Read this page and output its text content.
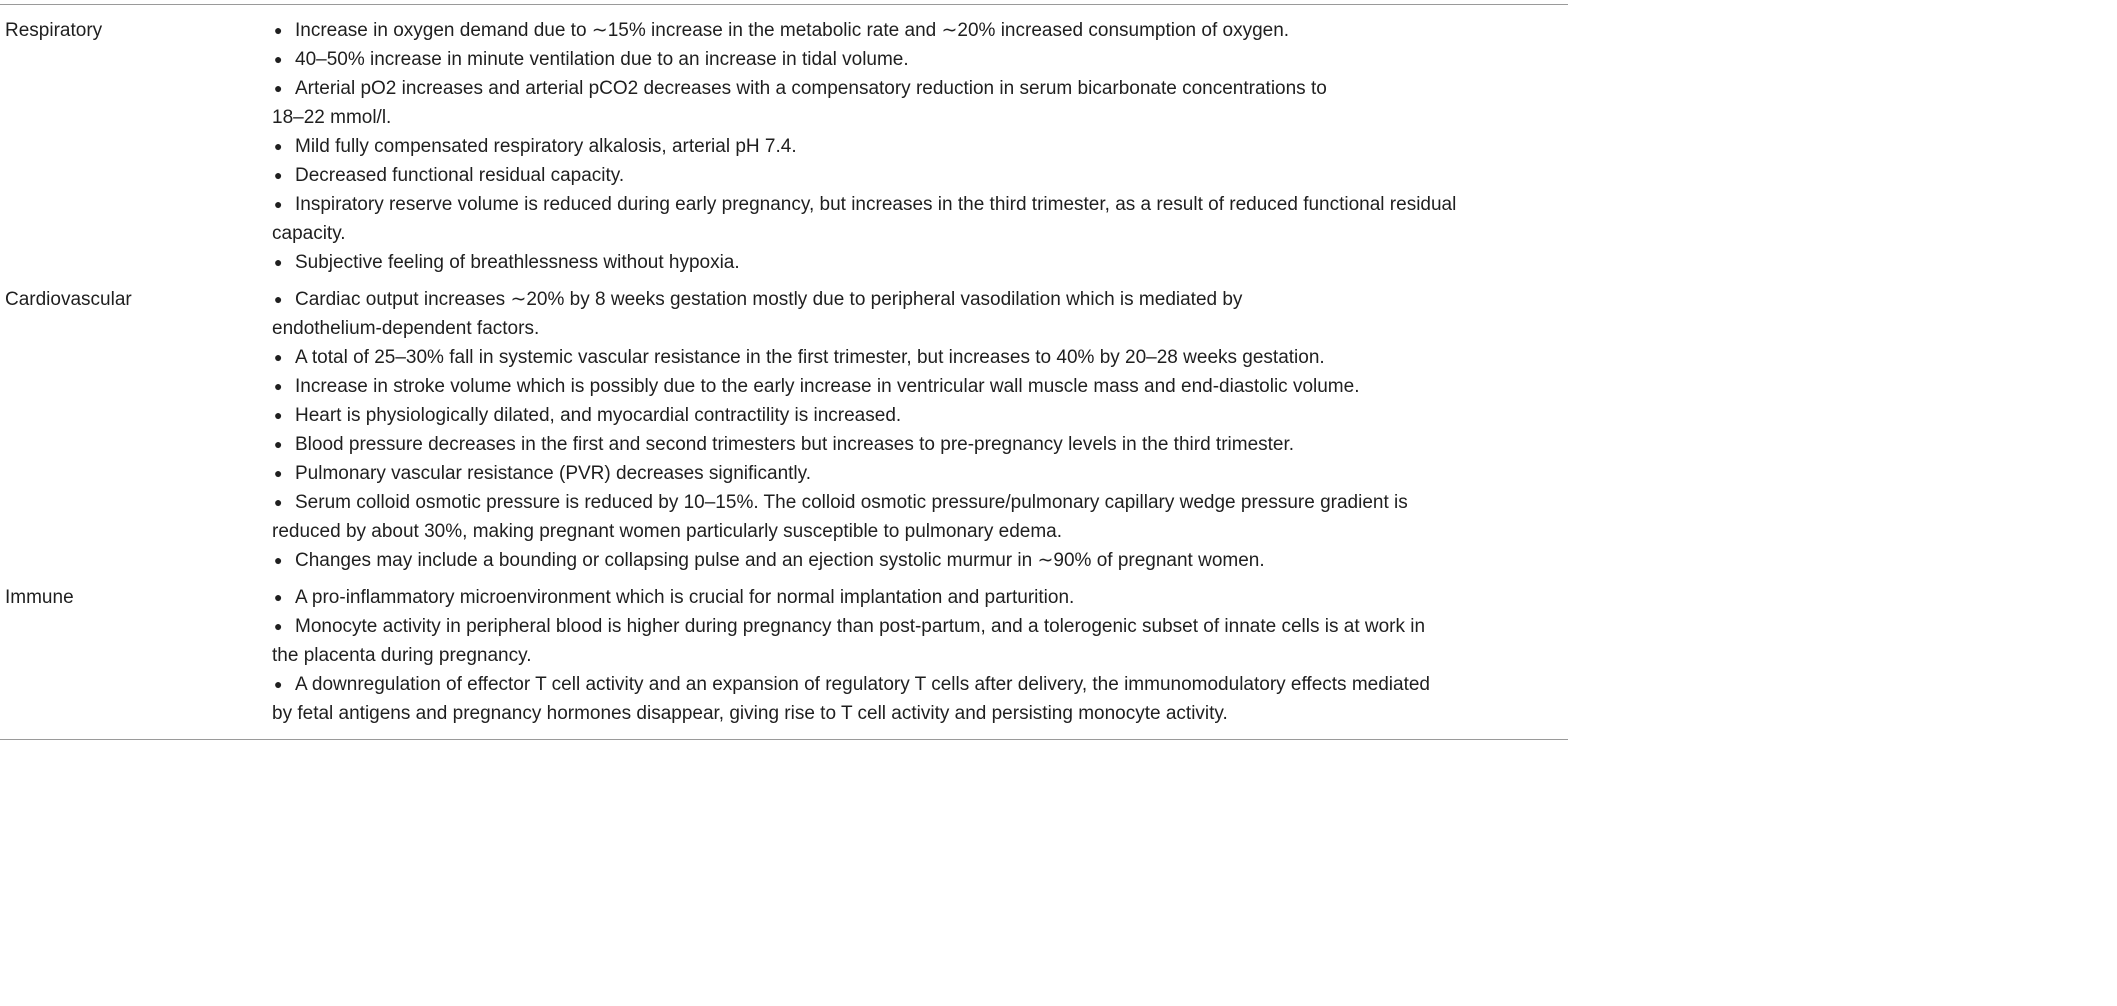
Respiratory	● Increase in oxygen demand due to ∼15% increase in the metabolic rate and ∼20% increased consumption of oxygen.
● 40–50% increase in minute ventilation due to an increase in tidal volume.
● Arterial pO2 increases and arterial pCO2 decreases with a compensatory reduction in serum bicarbonate concentrations to
18–22 mmol/l.
● Mild fully compensated respiratory alkalosis, arterial pH 7.4.
● Decreased functional residual capacity.
● Inspiratory reserve volume is reduced during early pregnancy, but increases in the third trimester, as a result of reduced functional residual
capacity.
● Subjective feeling of breathlessness without hypoxia.
Cardiovascular	● Cardiac output increases ∼20% by 8 weeks gestation mostly due to peripheral vasodilation which is mediated by
endothelium-dependent factors.
● A total of 25–30% fall in systemic vascular resistance in the first trimester, but increases to 40% by 20–28 weeks gestation.
● Increase in stroke volume which is possibly due to the early increase in ventricular wall muscle mass and end-diastolic volume.
● Heart is physiologically dilated, and myocardial contractility is increased.
● Blood pressure decreases in the first and second trimesters but increases to pre-pregnancy levels in the third trimester.
● Pulmonary vascular resistance (PVR) decreases significantly.
● Serum colloid osmotic pressure is reduced by 10–15%. The colloid osmotic pressure/pulmonary capillary wedge pressure gradient is
reduced by about 30%, making pregnant women particularly susceptible to pulmonary edema.
● Changes may include a bounding or collapsing pulse and an ejection systolic murmur in ∼90% of pregnant women.
Immune	● A pro-inflammatory microenvironment which is crucial for normal implantation and parturition.
● Monocyte activity in peripheral blood is higher during pregnancy than post-partum, and a tolerogenic subset of innate cells is at work in
the placenta during pregnancy.
● A downregulation of effector T cell activity and an expansion of regulatory T cells after delivery, the immunomodulatory effects mediated
by fetal antigens and pregnancy hormones disappear, giving rise to T cell activity and persisting monocyte activity.
